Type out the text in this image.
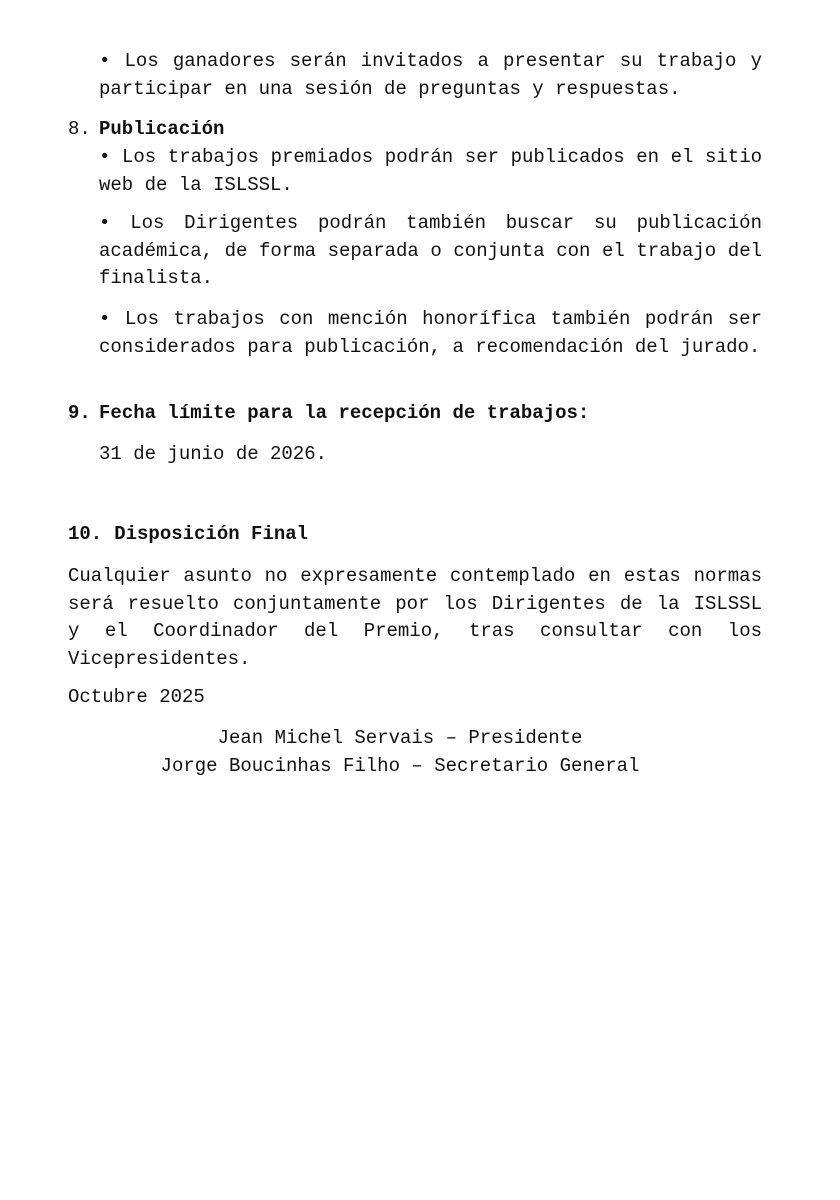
• Los ganadores serán invitados a presentar su trabajo y participar en una sesión de preguntas y respuestas.

8. Publicación

• Los trabajos premiados podrán ser publicados en el sitio web de la ISLSSL.

• Los Dirigentes podrán también buscar su publicación académica, de forma separada o conjunta con el trabajo del finalista.

• Los trabajos con mención honorífica también podrán ser considerados para publicación, a recomendación del jurado.

9. Fecha límite para la recepción de trabajos:
31 de junio de 2026.
10. Disposición Final

Cualquier asunto no expresamente contemplado en estas normas será resuelto conjuntamente por los Dirigentes de la ISLSSL y el Coordinador del Premio, tras consultar con los Vicepresidentes.

Octubre 2025
Jean Michel Servais – Presidente
Jorge Boucinhas Filho – Secretario General
